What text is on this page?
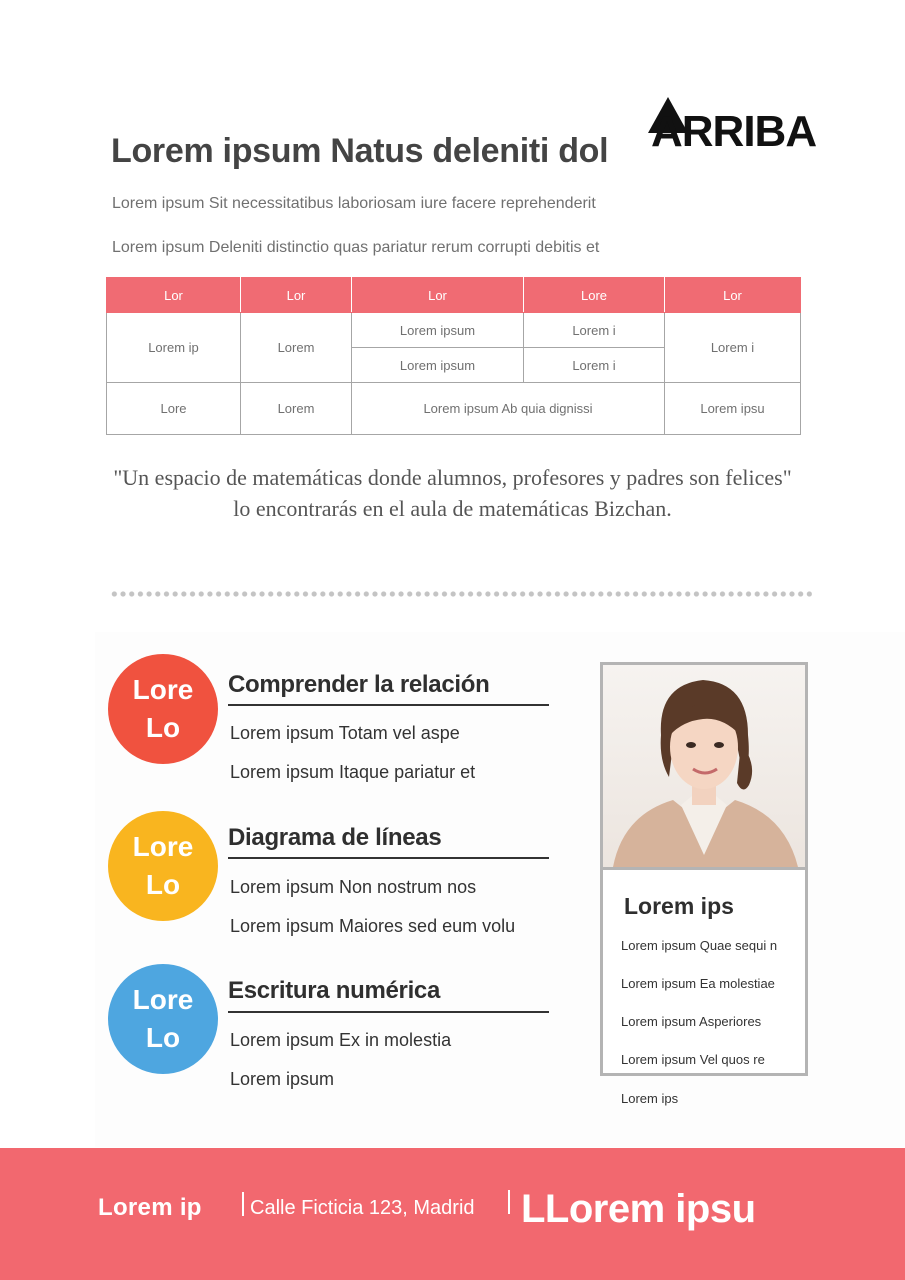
Lorem ipsum Natus deleniti dol ARRIBA
Lorem ipsum Sit necessitatibus laboriosam iure facere reprehenderit
Lorem ipsum Deleniti distinctio quas pariatur rerum corrupti debitis et
Lor	Lor	Lor	Lore	Lor
Lorem ip	Lorem	Lorem ipsum	Lorem i	Lorem i
		Lorem ipsum	Lorem i	
Lore	Lorem	Lorem ipsum Ab quia dignissi		Lorem ipsu
"Un espacio de matemáticas donde alumnos, profesores y padres son felices"
lo encontrarás en el aula de matemáticas Bizchan.
Lore
Lo
Comprender la relación
Lorem ipsum Totam vel aspe
Lorem ipsum Itaque pariatur et
Lore
Lo
Diagrama de líneas
Lorem ipsum Non nostrum nos
Lorem ipsum Maiores sed eum volu
Lore
Lo
Escritura numérica
Lorem ipsum Ex in molestia
Lorem ipsum
Lorem ips
Lorem ipsum Quae sequi n
Lorem ipsum Ea molestiae
Lorem ipsum Asperiores
Lorem ipsum Vel quos re
Lorem ips
Lorem ip Calle Ficticia 123, Madrid LLorem ipsu
